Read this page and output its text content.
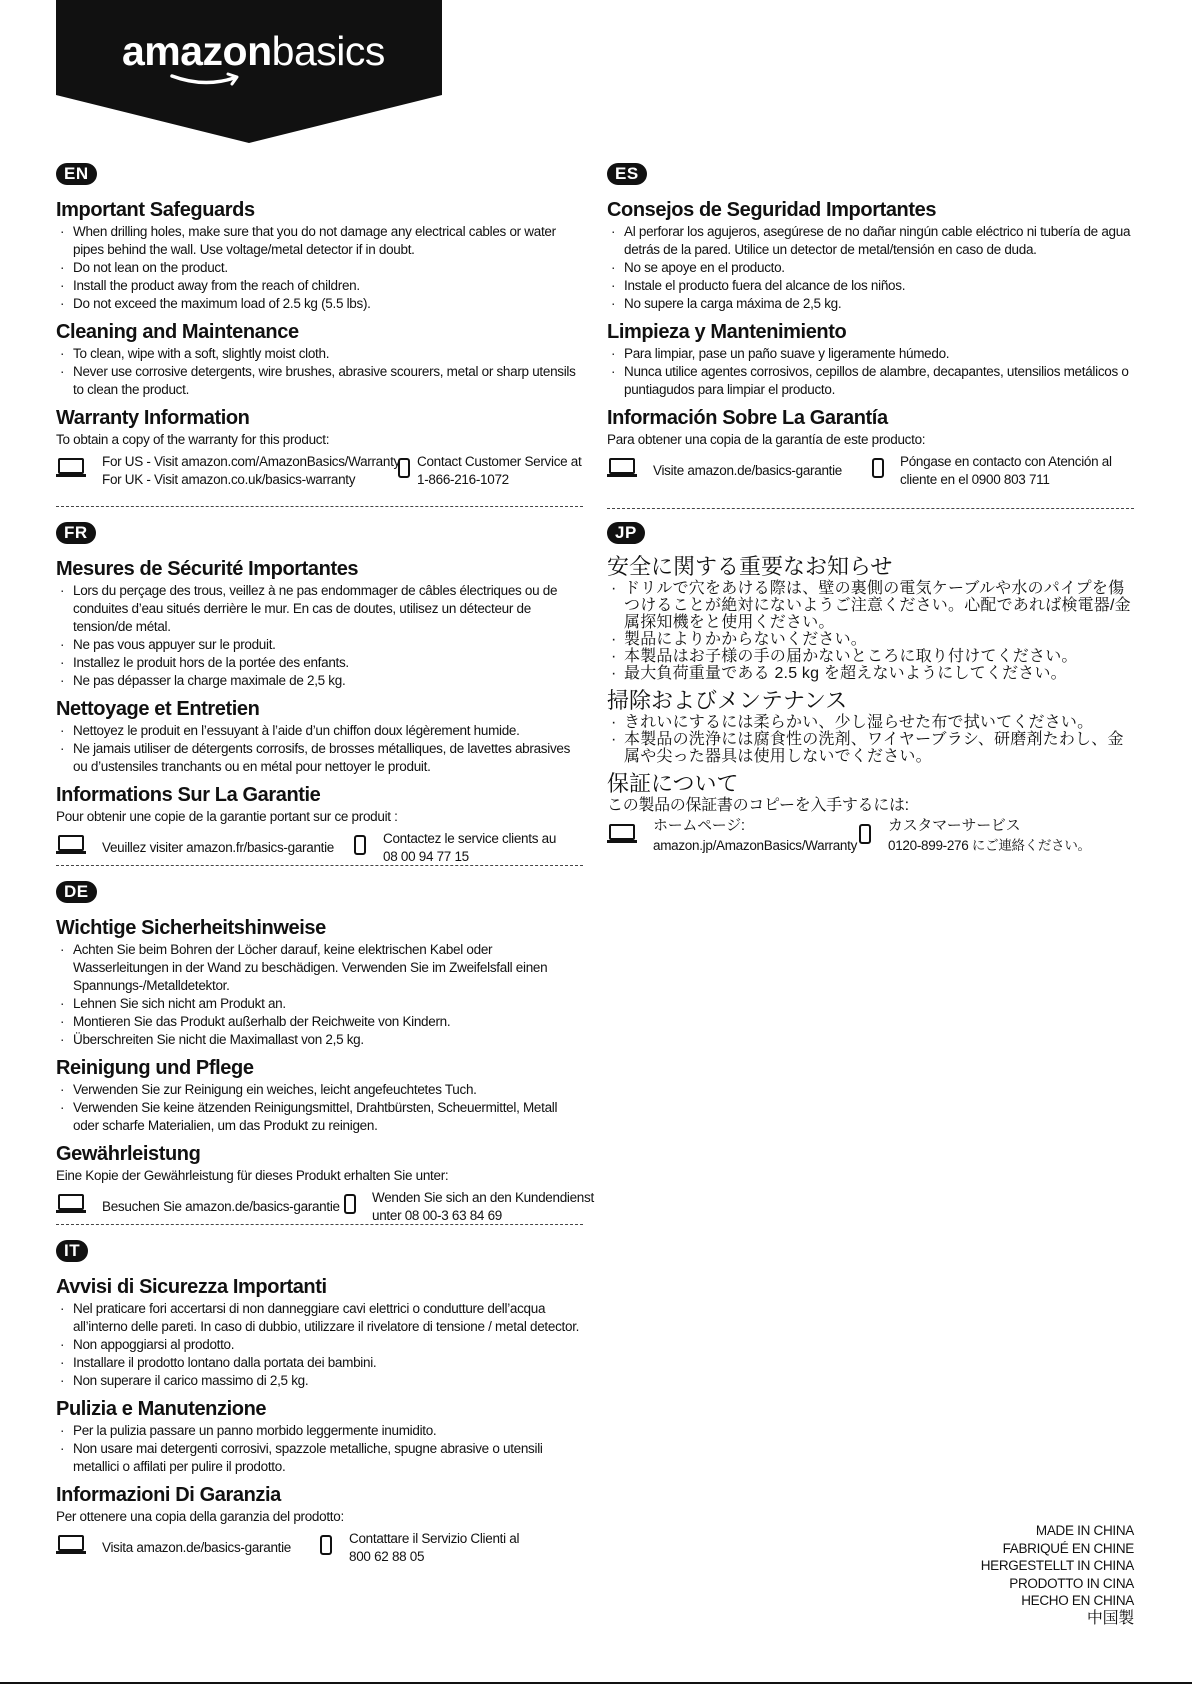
amazonbasics
EN
Important Safeguards
· When drilling holes, make sure that you do not damage any electrical cables or water pipes behind the wall. Use voltage/metal detector if in doubt.
· Do not lean on the product.
· Install the product away from the reach of children.
· Do not exceed the maximum load of 2.5 kg (5.5 lbs).
Cleaning and Maintenance
· To clean, wipe with a soft, slightly moist cloth.
· Never use corrosive detergents, wire brushes, abrasive scourers, metal or sharp utensils to clean the product.
Warranty Information
To obtain a copy of the warranty for this product:
For US - Visit amazon.com/AmazonBasics/Warranty
For UK - Visit amazon.co.uk/basics-warranty
Contact Customer Service at
1-866-216-1072
FR
Mesures de Sécurité Importantes
· Lors du perçage des trous, veillez à ne pas endommager de câbles électriques ou de conduites d’eau situés derrière le mur. En cas de doutes, utilisez un détecteur de tension/de métal.
· Ne pas vous appuyer sur le produit.
· Installez le produit hors de la portée des enfants.
· Ne pas dépasser la charge maximale de 2,5 kg.
Nettoyage et Entretien
· Nettoyez le produit en l’essuyant à l’aide d’un chiffon doux légèrement humide.
· Ne jamais utiliser de détergents corrosifs, de brosses métalliques, de lavettes abrasives ou d’ustensiles tranchants ou en métal pour nettoyer le produit.
Informations Sur La Garantie
Pour obtenir une copie de la garantie portant sur ce produit :
Veuillez visiter amazon.fr/basics-garantie
Contactez le service clients au
08 00 94 77 15
DE
Wichtige Sicherheitshinweise
· Achten Sie beim Bohren der Löcher darauf, keine elektrischen Kabel oder Wasserleitungen in der Wand zu beschädigen. Verwenden Sie im Zweifelsfall einen Spannungs-/Metalldetektor.
· Lehnen Sie sich nicht am Produkt an.
· Montieren Sie das Produkt außerhalb der Reichweite von Kindern.
· Überschreiten Sie nicht die Maximallast von 2,5 kg.
Reinigung und Pflege
· Verwenden Sie zur Reinigung ein weiches, leicht angefeuchtetes Tuch.
· Verwenden Sie keine ätzenden Reinigungsmittel, Drahtbürsten, Scheuermittel, Metall oder scharfe Materialien, um das Produkt zu reinigen.
Gewährleistung
Eine Kopie der Gewährleistung für dieses Produkt erhalten Sie unter:
Besuchen Sie amazon.de/basics-garantie
Wenden Sie sich an den Kundendienst
unter 08 00-3 63 84 69
IT
Avvisi di Sicurezza Importanti
· Nel praticare fori accertarsi di non danneggiare cavi elettrici o condutture dell’acqua all’interno delle pareti. In caso di dubbio, utilizzare il rivelatore di tensione / metal detector.
· Non appoggiarsi al prodotto.
· Installare il prodotto lontano dalla portata dei bambini.
· Non superare il carico massimo di 2,5 kg.
Pulizia e Manutenzione
· Per la pulizia passare un panno morbido leggermente inumidito.
· Non usare mai detergenti corrosivi, spazzole metalliche, spugne abrasive o utensili metallici o affilati per pulire il prodotto.
Informazioni Di Garanzia
Per ottenere una copia della garanzia del prodotto:
Visita amazon.de/basics-garantie
Contattare il Servizio Clienti al
800 62 88 05
ES
Consejos de Seguridad Importantes
· Al perforar los agujeros, asegúrese de no dañar ningún cable eléctrico ni tubería de agua detrás de la pared. Utilice un detector de metal/tensión en caso de duda.
· No se apoye en el producto.
· Instale el producto fuera del alcance de los niños.
· No supere la carga máxima de 2,5 kg.
Limpieza y Mantenimiento
· Para limpiar, pase un paño suave y ligeramente húmedo.
· Nunca utilice agentes corrosivos, cepillos de alambre, decapantes, utensilios metálicos o puntiagudos para limpiar el producto.
Información Sobre La Garantía
Para obtener una copia de la garantía de este producto:
Visite amazon.de/basics-garantie
Póngase en contacto con Atención al
cliente en el 0900 803 711
JP
安全に関する重要なお知らせ
· ドリルで穴をあける際は、壁の裏側の電気ケーブルや水のパイプを傷つけることが絶対にないようご注意ください。心配であれば検電器/金属探知機をと使用ください。
· 製品によりかからないください。
· 本製品はお子様の手の届かないところに取り付けてください。
· 最大負荷重量である 2.5 kg を超えないようにしてください。
掃除およびメンテナンス
· きれいにするには柔らかい、少し湿らせた布で拭いてください。
· 本製品の洗浄には腐食性の洗剤、ワイヤーブラシ、研磨剤たわし、金属や尖った器具は使用しないでください。
保証について
この製品の保証書のコピーを入手するには:
ホームページ:
amazon.jp/AmazonBasics/Warranty
カスタマーサービス
0120-899-276 にご連絡ください。
MADE IN CHINA
FABRIQUÉ EN CHINE
HERGESTELLT IN CHINA
PRODOTTO IN CINA
HECHO EN CHINA
中国製
